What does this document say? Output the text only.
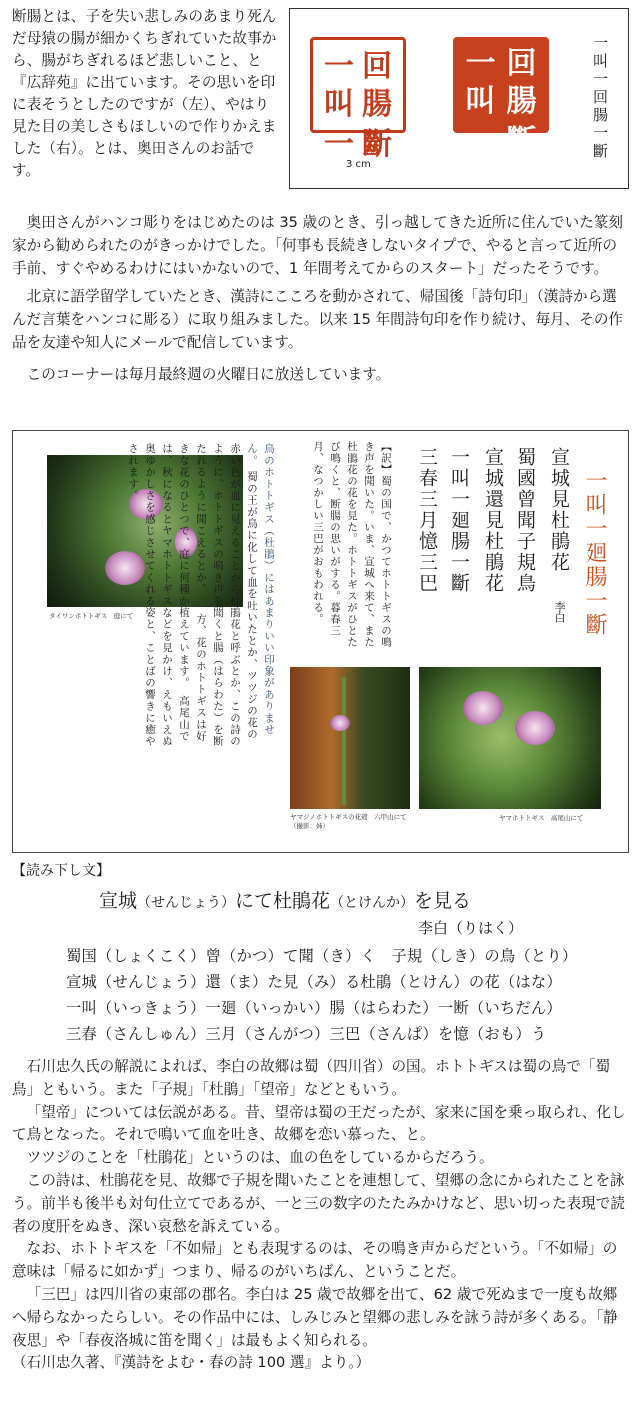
断腸とは、子を失い悲しみのあまり死んだ母猿の腸が細かくちぎれていた故事から、腸がちぎれるほど悲しいこと、と『広辞苑』に出ています。その思いを印に表そうとしたのですが（左）、やはり見た目の美しさもほしいので作りかえました（右）。とは、奥田さんのお話です。
一叫
回腸
一 斷
一叫
回腸
一 斷	一叫一回腸一斷
3 cm

奥田さんがハンコ彫りをはじめたのは 35 歳のとき、引っ越してきた近所に住んでいた篆刻家から勧められたのがきっかけでした。「何事も長続きしないタイプで、やると言って近所の手前、すぐやめるわけにはいかないので、1 年間考えてからのスタート」だったそうです。

北京に語学留学していたとき、漢詩にこころを動かされて、帰国後「詩句印」（漢詩から選んだ言葉をハンコに彫る）に取り組みました。以来 15 年間詩句印を作り続け、毎月、その作品を友達や知人にメールで配信しています。

このコーナーは毎月最終週の火曜日に放送しています。

タイワンホトトギス　庭にて
ヤマジノホトトギスの花殻　六甲山にて（撮影：姉）
ヤマホトトギス　高尾山にて
一叫一廻腸一斷
宣城見杜鵑花
李白
蜀國曾聞子規鳥
宣城還見杜鵑花
一叫一廻腸一斷
三春三月憶三巴
【訳】蜀の国で、かつてホトトギスの鳴き声を聞いた。いま、宣城へ来て、また杜鵑花の花を見た。ホトトギスがひとたび鳴くと、断腸の思いがする。暮春三月、なつかしい三巴がおもわれる。
鳥のホトトギス（杜鵑）にはあまりいい印象がありません。 蜀の王が鳥に化して血を吐いたとか、ツツジの花の赤い色が血に見えることから杜鵑花と呼ぶとか、この詩のように、ホトトギスの鳴き声を聞くと腸（はらわた）を断たれるように聞こえるとか。　一方、花のホトトギスは好きな花のひとつで、庭に何種か植えています。　高尾山では、秋になるとヤマホトトギスなどを見かけ、えもいえぬ奥ゆかしさを感じさせてくれる姿と、ことばの響きに癒やされます。
【読み下し文】
宣城（せんじょう）にて杜鵑花（とけんか）を見る
李白（りはく）
蜀国（しょくこく）曾（かつ）て聞（き）く　子規（しき）の鳥（とり）
宣城（せんじょう）還（ま）た見（み）る杜鵑（とけん）の花（はな）
一叫（いっきょう）一廻（いっかい）腸（はらわた）一断（いちだん）
三春（さんしゅん）三月（さんがつ）三巴（さんぱ）を憶（おも）う

石川忠久氏の解説によれば、李白の故郷は蜀（四川省）の国。ホトトギスは蜀の鳥で「蜀鳥」ともいう。また「子規」「杜鵑」「望帝」などともいう。

「望帝」については伝説がある。昔、望帝は蜀の王だったが、家来に国を乗っ取られ、化して鳥となった。それで鳴いて血を吐き、故郷を恋い慕った、と。

ツツジのことを「杜鵑花」というのは、血の色をしているからだろう。

この詩は、杜鵑花を見、故郷で子規を聞いたことを連想して、望郷の念にかられたことを詠う。前半も後半も対句仕立てであるが、一と三の数字のたたみかけなど、思い切った表現で読者の度肝をぬき、深い哀愁を訴えている。

なお、ホトトギスを「不如帰」とも表現するのは、その鳴き声からだという。「不如帰」の意味は「帰るに如かず」つまり、帰るのがいちばん、ということだ。

「三巴」は四川省の東部の郡名。李白は 25 歳で故郷を出て、62 歳で死ぬまで一度も故郷へ帰らなかったらしい。その作品中には、しみじみと望郷の悲しみを詠う詩が多くある。「静夜思」や「春夜洛城に笛を聞く」は最もよく知られる。

（石川忠久著、『漢詩をよむ・春の詩 100 選』より。）
